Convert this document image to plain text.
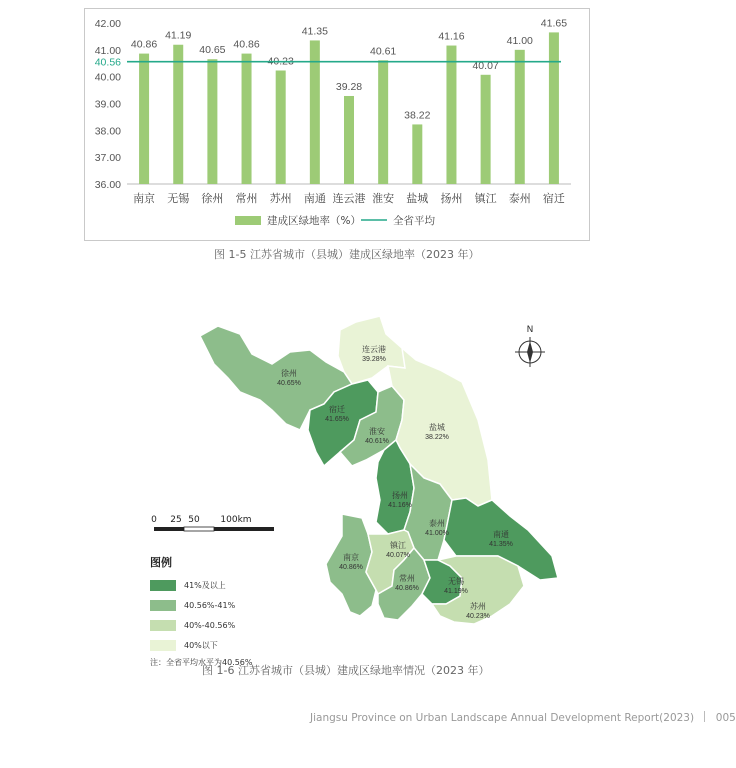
36.00
37.00
38.00
39.00
40.00
41.00
42.00
40.86
南京
41.19
无锡
40.65
徐州
40.86
常州
40.23
苏州
41.35
南通
39.28
连云港
40.61
淮安
38.22
盐城
41.16
扬州
40.07
镇江
41.00
泰州
41.65
宿迁
40.56
建成区绿地率（%）	全省平均
图 1-5 江苏省城市（县城）建成区绿地率（2023 年）
连云港
39.28%
徐州
40.65%
宿迁
41.65%
淮安
40.61%
盐城
38.22%
扬州
41.16%
泰州
41.00%	南通
41.35%
南京
40.86%
镇江
40.07%
常州
40.86%
无锡
41.19%
苏州
40.23%
N
0 25 50 100km
图例
41%及以上
40.56%-41%
40%-40.56%
40%以下
注：全省平均水平为40.56%
图 1-6 江苏省城市（县城）建成区绿地率情况（2023 年）
Jiangsu Province on Urban Landscape Annual Development Report(2023) 005
